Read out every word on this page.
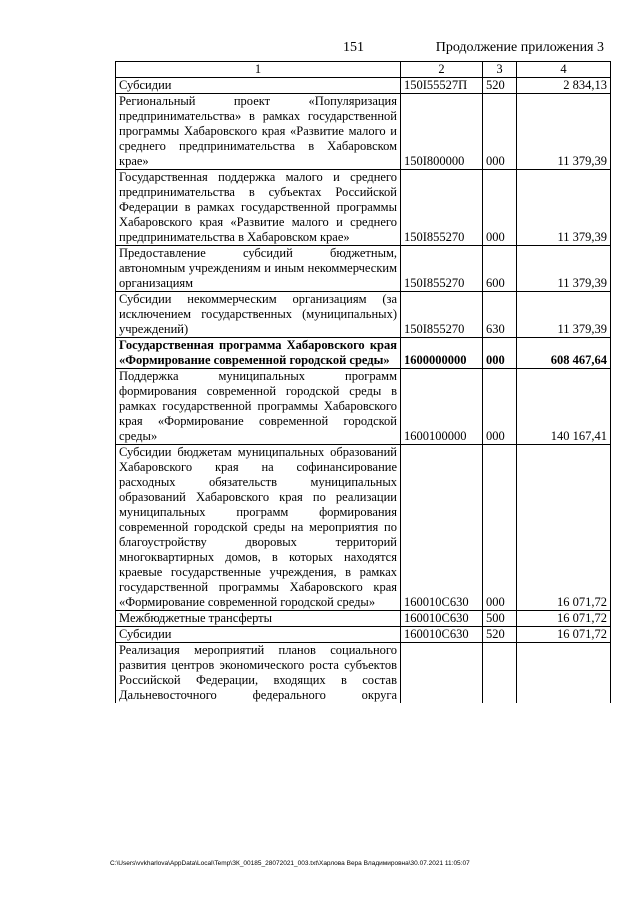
151	Продолжение приложения 3
1	2	3	4
Субсидии	150I55527П	520	2 834,13
Региональный проект «Популяризация предпринимательства» в рамках государственной программы Хабаровского края «Развитие малого и среднего предпринимательства в Хабаровском крае»	150I800000	000	11 379,39
Государственная поддержка малого и среднего предпринимательства в субъектах Российской Федерации в рамках государственной программы Хабаровского края «Развитие малого и среднего предпринимательства в Хабаровском крае»	150I855270	000	11 379,39
Предоставление субсидий бюджетным, автономным учреждениям и иным некоммерческим организациям	150I855270	600	11 379,39
Субсидии некоммерческим организациям (за исключением государственных (муниципальных) учреждений)	150I855270	630	11 379,39
Государственная программа Хабаровского края «Формирование современной городской среды»	1600000000	000	608 467,64
Поддержка муниципальных программ формирования современной городской среды в рамках государственной программы Хабаровского края «Формирование современной городской среды»	1600100000	000	140 167,41
Субсидии бюджетам муниципальных образований Хабаровского края на софинансирование расходных обязательств муниципальных образований Хабаровского края по реализации муниципальных программ формирования современной городской среды на мероприятия по благоустройству дворовых территорий многоквартирных домов, в которых находятся краевые государственные учреждения, в рамках государственной программы Хабаровского края «Формирование современной городской среды»	160010С630	000	16 071,72
Межбюджетные трансферты	160010С630	500	16 071,72
Субсидии	160010С630	520	16 071,72
Реализация мероприятий планов социального развития центров экономического роста субъектов Российской Федерации, входящих в состав Дальневосточного федерального округа			
C:\Users\vvkharlova\AppData\Local\Temp\ЗК_00185_28072021_003.txt\Харлова Вера Владимировна\30.07.2021 11:05:07
